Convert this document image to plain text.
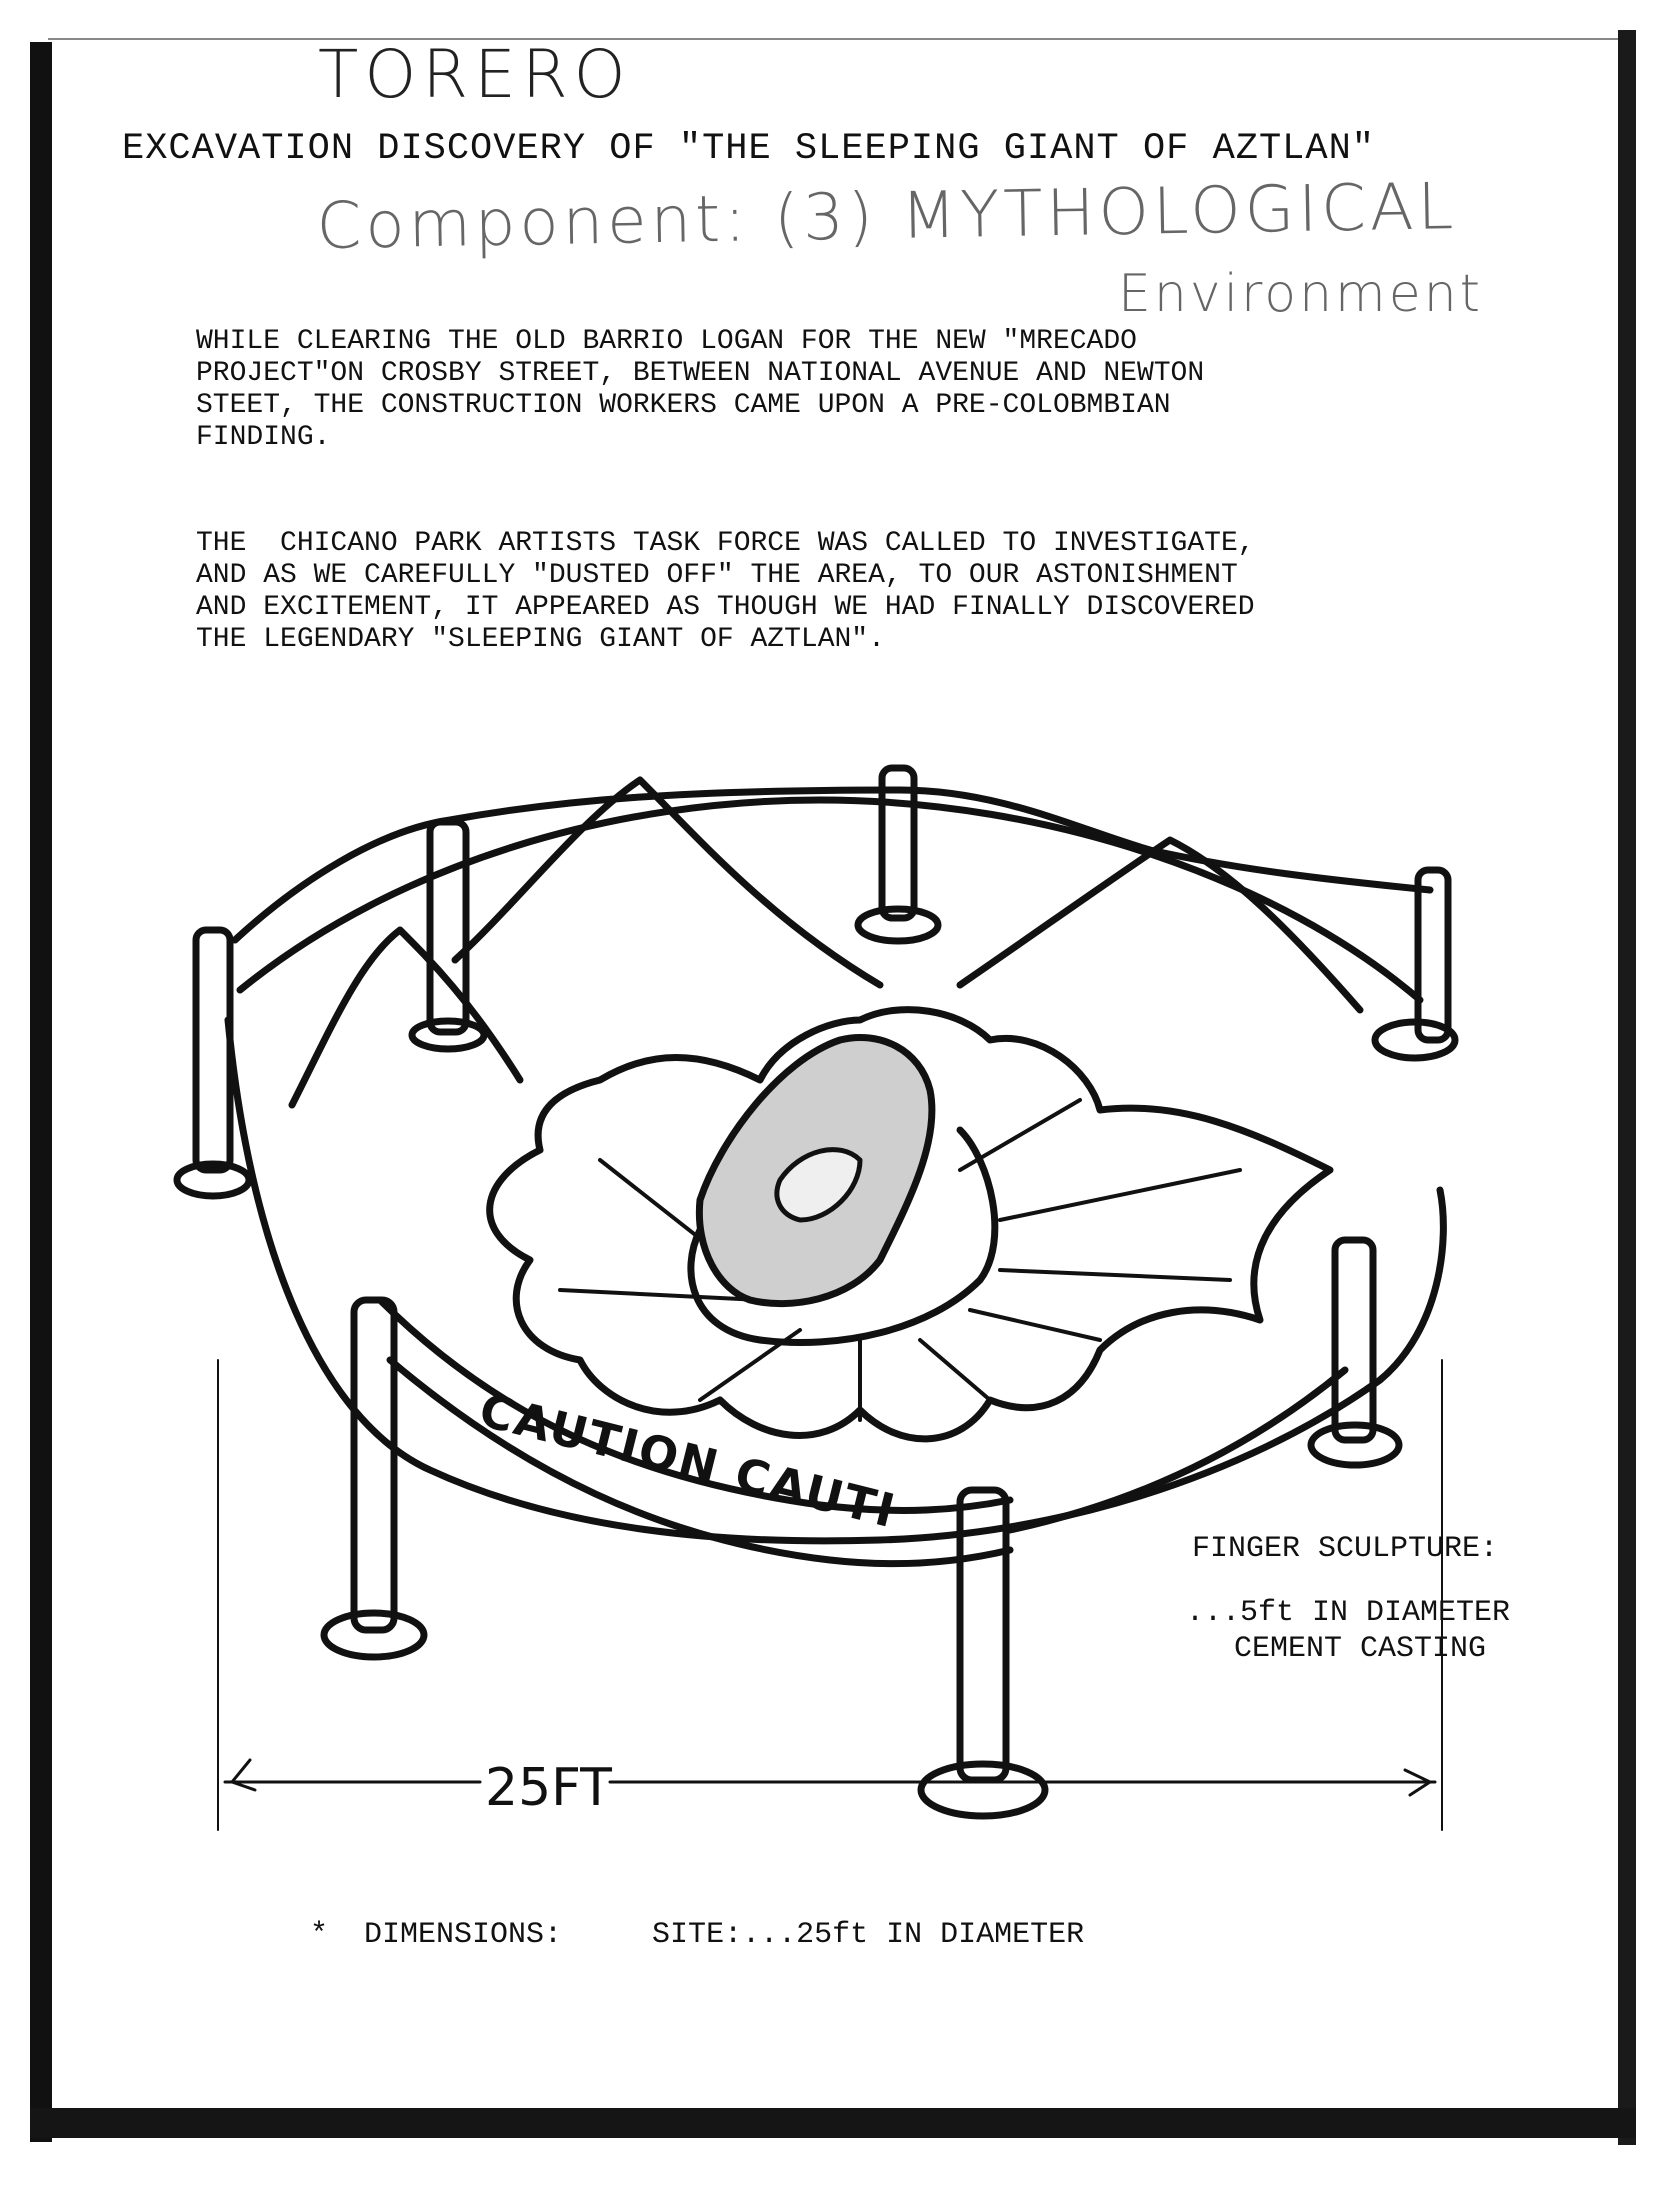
TORERO
EXCAVATION DISCOVERY OF "THE SLEEPING GIANT OF AZTLAN"
Component: (3) MYTHOLOGICAL
Environment
WHILE CLEARING THE OLD BARRIO LOGAN FOR THE NEW "MRECADO
PROJECT"ON CROSBY STREET, BETWEEN NATIONAL AVENUE AND NEWTON
STEET, THE CONSTRUCTION WORKERS CAME UPON A PRE-COLOBMBIAN
FINDING.
THE  CHICANO PARK ARTISTS TASK FORCE WAS CALLED TO INVESTIGATE,
AND AS WE CAREFULLY "DUSTED OFF" THE AREA, TO OUR ASTONISHMENT
AND EXCITEMENT, IT APPEARED AS THOUGH WE HAD FINALLY DISCOVERED
THE LEGENDARY "SLEEPING GIANT OF AZTLAN".
CAUTION CAUTI
25FT
FINGER SCULPTURE:
...5ft IN DIAMETER
CEMENT CASTING
*  DIMENSIONS:     SITE:...25ft IN DIAMETER
